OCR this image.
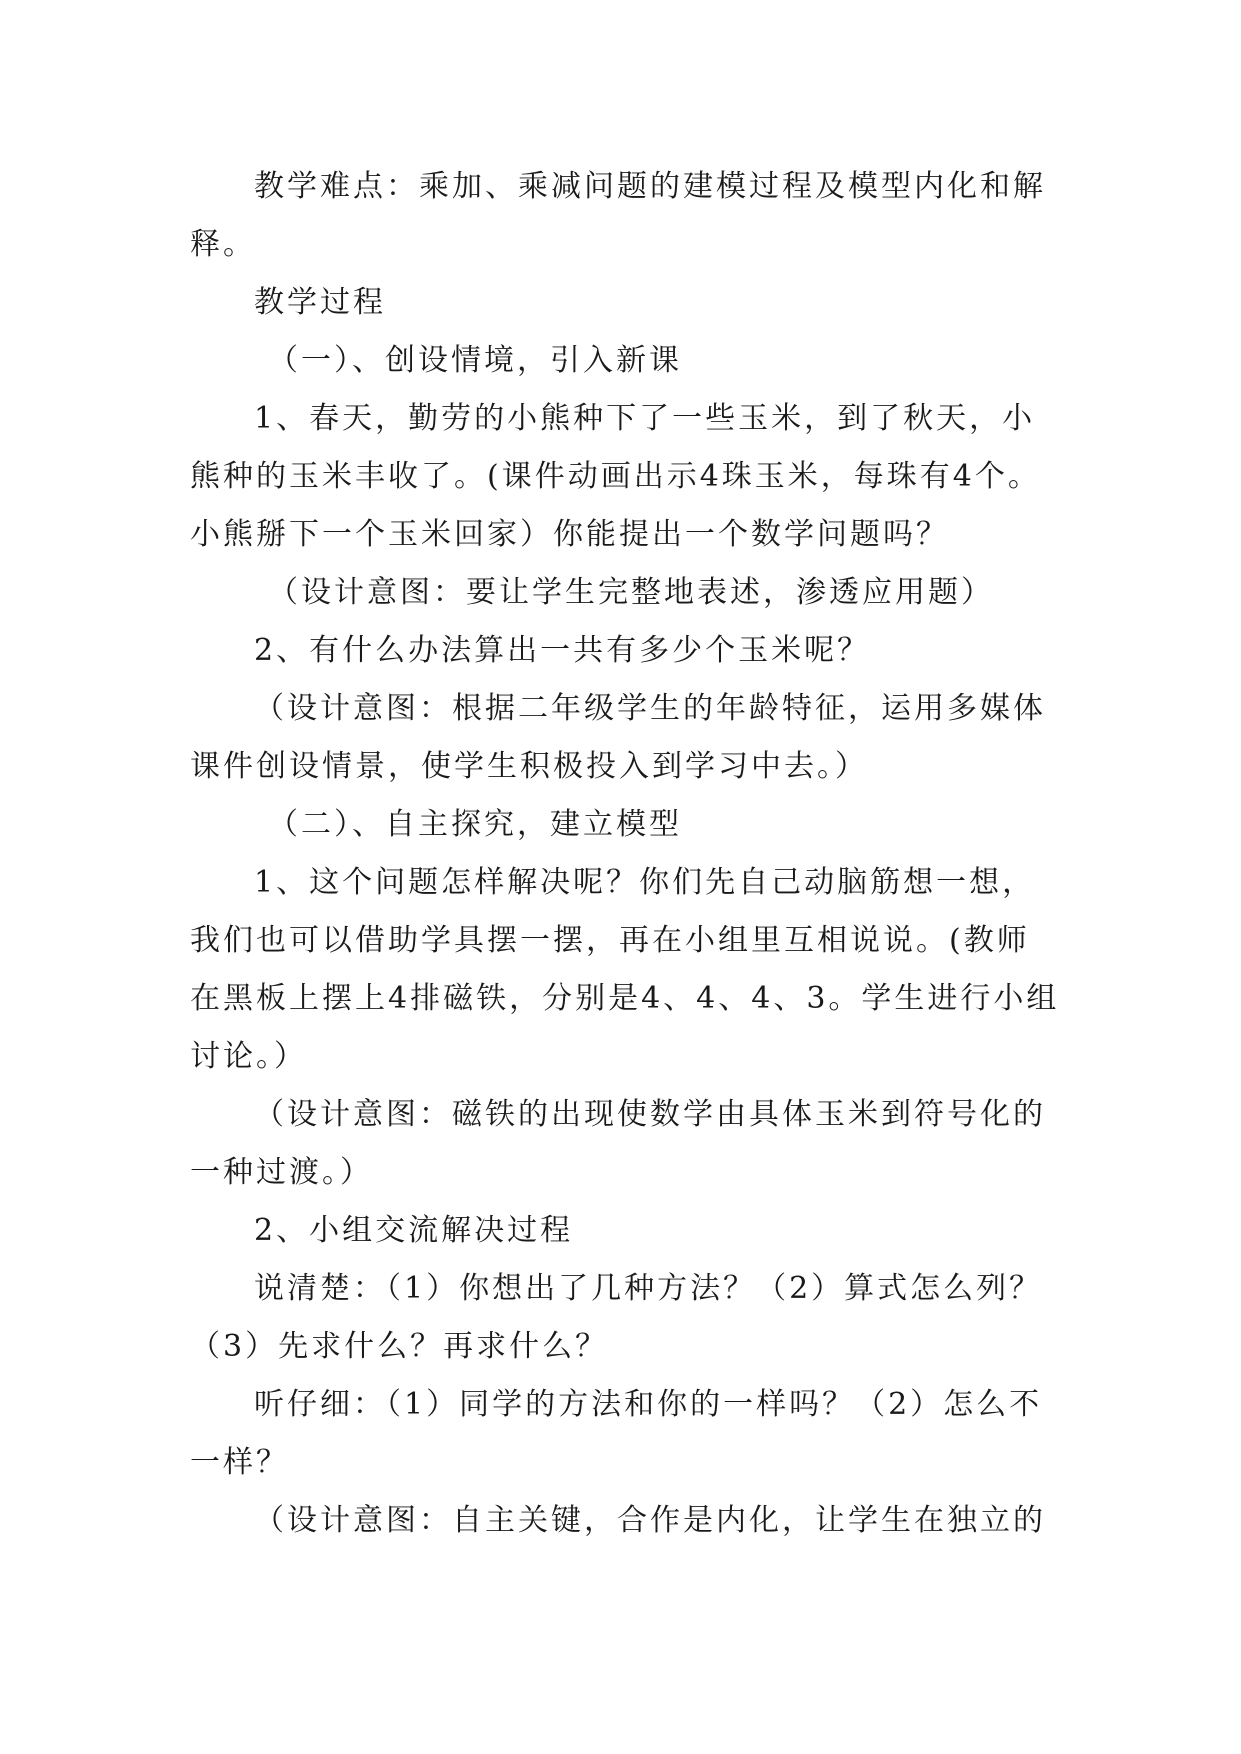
教学难点：乘加、乘减问题的建模过程及模型内化和解
释。
教学过程
（一）、创设情境，引入新课
1、春天，勤劳的小熊种下了一些玉米，到了秋天，小
熊种的玉米丰收了。(课件动画出示4珠玉米，每珠有4个。
小熊掰下一个玉米回家）你能提出一个数学问题吗？
（设计意图：要让学生完整地表述，渗透应用题）
2、有什么办法算出一共有多少个玉米呢？
（设计意图：根据二年级学生的年龄特征，运用多媒体
课件创设情景，使学生积极投入到学习中去。）
（二）、自主探究，建立模型
1、这个问题怎样解决呢？你们先自己动脑筋想一想，
我们也可以借助学具摆一摆，再在小组里互相说说。(教师
在黑板上摆上4排磁铁，分别是4、4、4、3。学生进行小组
讨论。）
（设计意图：磁铁的出现使数学由具体玉米到符号化的
一种过渡。）
2、小组交流解决过程
说清楚：（1）你想出了几种方法？（2）算式怎么列？
（3）先求什么？再求什么？
听仔细：（1）同学的方法和你的一样吗？（2）怎么不
一样？
（设计意图：自主关键，合作是内化，让学生在独立的
